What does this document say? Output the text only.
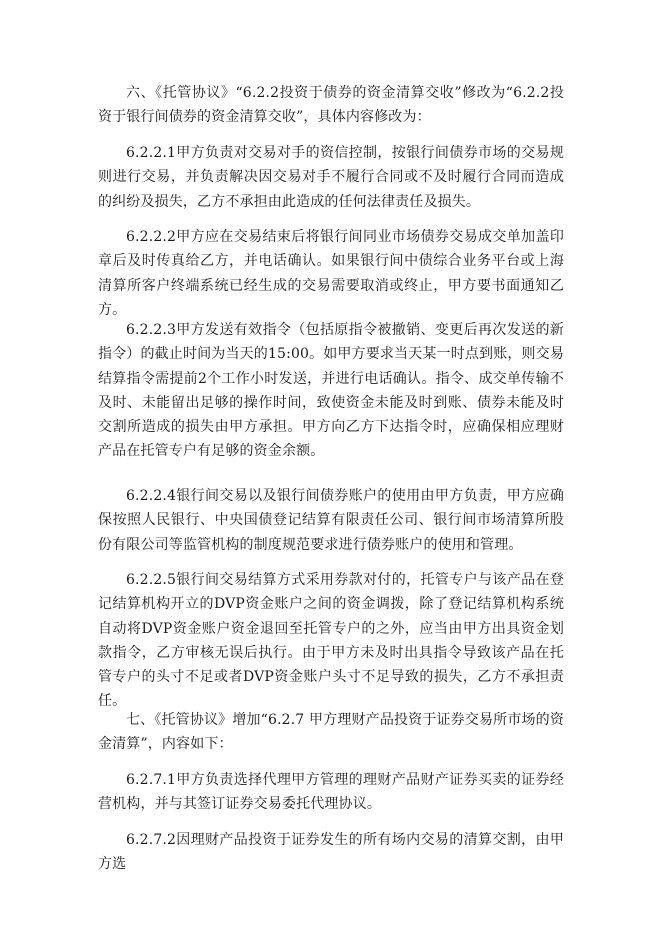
六、《托管协议》“6.2.2投资于债券的资金清算交收”修改为“6.2.2投资于银行间债券的资金清算交收”，具体内容修改为：

6.2.2.1甲方负责对交易对手的资信控制，按银行间债券市场的交易规则进行交易，并负责解决因交易对手不履行合同或不及时履行合同而造成的纠纷及损失，乙方不承担由此造成的任何法律责任及损失。

6.2.2.2甲方应在交易结束后将银行间同业市场债券交易成交单加盖印章后及时传真给乙方，并电话确认。如果银行间中债综合业务平台或上海清算所客户终端系统已经生成的交易需要取消或终止，甲方要书面通知乙方。

6.2.2.3甲方发送有效指令（包括原指令被撤销、变更后再次发送的新指令）的截止时间为当天的15:00。如甲方要求当天某一时点到账，则交易结算指令需提前2个工作小时发送，并进行电话确认。指令、成交单传输不及时、未能留出足够的操作时间，致使资金未能及时到账、债券未能及时交割所造成的损失由甲方承担。甲方向乙方下达指令时，应确保相应理财产品在托管专户有足够的资金余额。

6.2.2.4银行间交易以及银行间债券账户的使用由甲方负责，甲方应确保按照人民银行、中央国债登记结算有限责任公司、银行间市场清算所股份有限公司等监管机构的制度规范要求进行债券账户的使用和管理。

6.2.2.5银行间交易结算方式采用券款对付的，托管专户与该产品在登记结算机构开立的DVP资金账户之间的资金调拨，除了登记结算机构系统自动将DVP资金账户资金退回至托管专户的之外，应当由甲方出具资金划款指令，乙方审核无误后执行。由于甲方未及时出具指令导致该产品在托管专户的头寸不足或者DVP资金账户头寸不足导致的损失，乙方不承担责任。

七、《托管协议》增加“6.2.7 甲方理财产品投资于证券交易所市场的资金清算”，内容如下：

6.2.7.1甲方负责选择代理甲方管理的理财产品财产证券买卖的证券经营机构，并与其签订证券交易委托代理协议。

6.2.7.2因理财产品投资于证券发生的所有场内交易的清算交割，由甲方选
